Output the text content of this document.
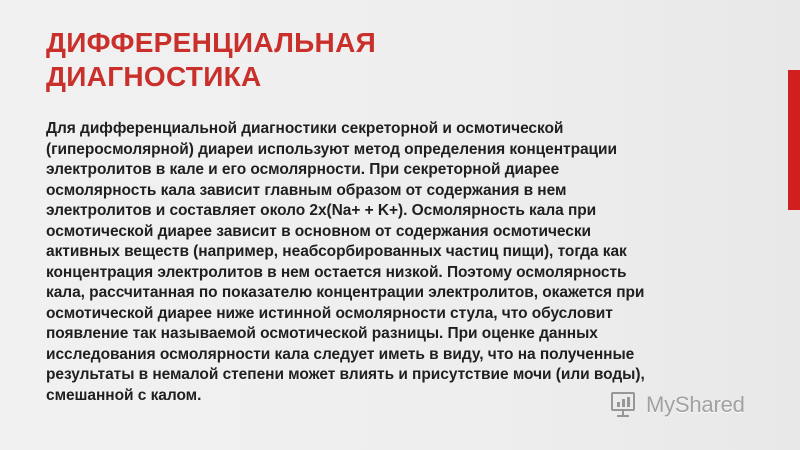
ДИФФЕРЕНЦИАЛЬНАЯ
ДИАГНОСТИКА
Для дифференциальной диагностики секреторной и осмотической
(гиперосмолярной) диареи используют метод определения концентрации
электролитов в кале и его осмолярности. При секреторной диарее
осмолярность кала зависит главным образом от содержания в нем
электролитов и составляет около 2х(Na+ + K+). Осмолярность кала при
осмотической диарее зависит в основном от содержания осмотически
активных веществ (например, неабсорбированных частиц пищи), тогда как
концентрация электролитов в нем остается низкой. Поэтому осмолярность
кала, рассчитанная по показателю концентрации электролитов, окажется при
осмотической диарее ниже истинной осмолярности стула, что обусловит
появление так называемой осмотической разницы. При оценке данных
исследования осмолярности кала следует иметь в виду, что на полученные
результаты в немалой степени может влиять и присутствие мочи (или воды),
смешанной с калом.	MyShared
